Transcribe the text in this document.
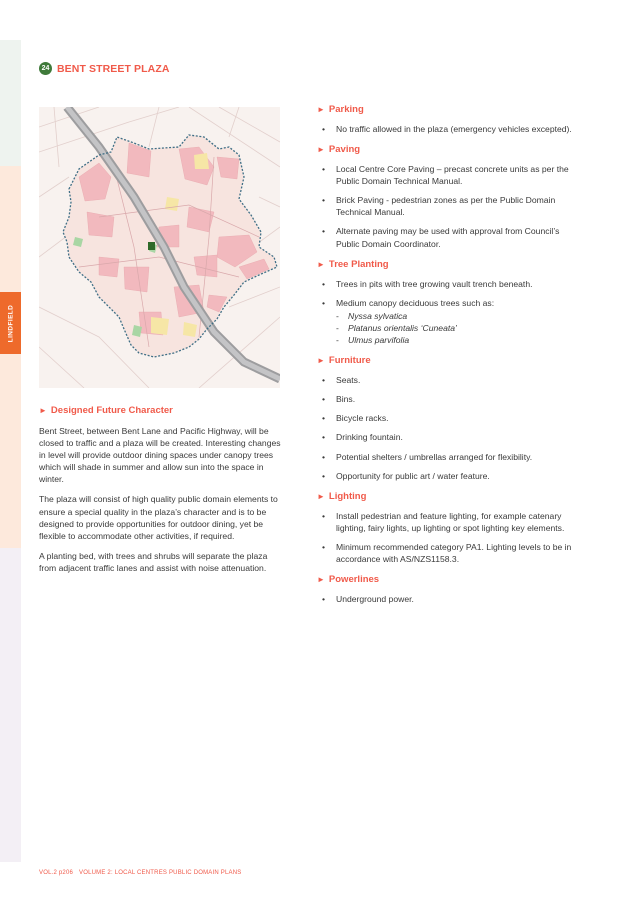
LINDFIELD
24 BENT STREET PLAZA
► Designed Future Character

Bent Street, between Bent Lane and Pacific Highway, will be closed to traffic and a plaza will be created. Interesting changes in level will provide outdoor dining spaces under canopy trees which will shade in summer and allow sun into the space in winter.

The plaza will consist of high quality public domain elements to ensure a special quality in the plaza’s character and is to be designed to provide opportunities for outdoor dining, yet be flexible to accommodate other activities, if required.

A planting bed, with trees and shrubs will separate the plaza from adjacent traffic lanes and assist with noise attenuation.

► Parking
• No traffic allowed in the plaza (emergency vehicles excepted).
► Paving
• Local Centre Core Paving – precast concrete units as per the Public Domain Technical Manual.
• Brick Paving - pedestrian zones as per the Public Domain Technical Manual.
• Alternate paving may be used with approval from Council’s Public Domain Coordinator.
► Tree Planting
• Trees in pits with tree growing vault trench beneath.
• Medium canopy deciduous trees such as:
- Nyssa sylvatica
- Platanus orientalis ‘Cuneata’
- Ulmus parvifolia
► Furniture
• Seats.
• Bins.
• Bicycle racks.
• Drinking fountain.
• Potential shelters / umbrellas arranged for flexibility.
• Opportunity for public art / water feature.
► Lighting
• Install pedestrian and feature lighting, for example catenary lighting, fairy lights, up lighting or spot lighting key elements.
• Minimum recommended category PA1. Lighting levels to be in accordance with AS/NZS1158.3.
► Powerlines
• Underground power.
VOL.2 p206 VOLUME 2: LOCAL CENTRES PUBLIC DOMAIN PLANS
